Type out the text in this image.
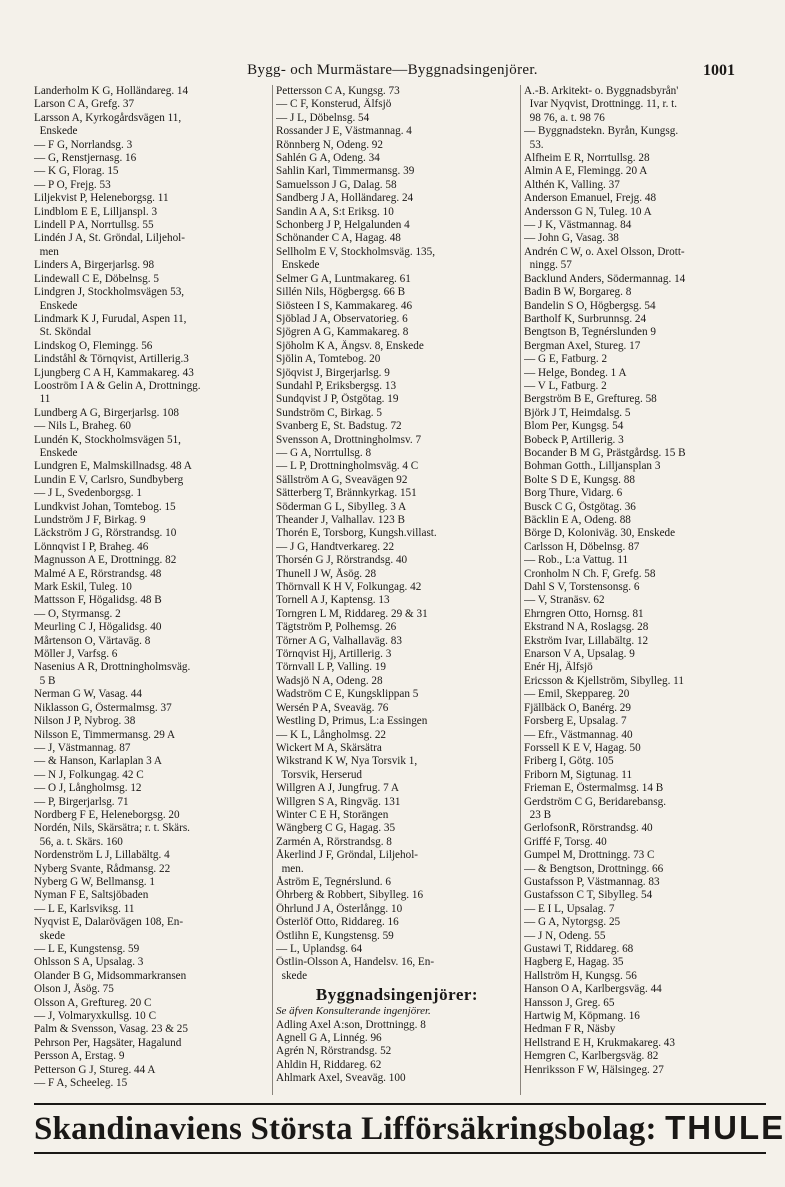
Bygg- och Murmästare—Byggnadsingenjörer.	1001
Landerholm K G, Holländareg. 14
Larson C A, Grefg. 37
Larsson A, Kyrkogårdsvägen 11,
Enskede
— F G, Norrlandsg. 3
— G, Renstjernasg. 16
— K G, Florag. 15
— P O, Frejg. 53
Liljekvist P, Heleneborgsg. 11
Lindblom E E, Lilljanspl. 3
Lindell P A, Norrtullsg. 55
Lindén J A, St. Gröndal, Liljehol-
men
Linders A, Birgerjarlsg. 98
Lindewall C E, Döbelnsg. 5
Lindgren J, Stockholmsvägen 53,
Enskede
Lindmark K J, Furudal, Aspen 11,
St. Sköndal
Lindskog O, Flemingg. 56
Lindståhl & Törnqvist, Artillerig.3
Ljungberg C A H, Kammakareg. 43
Looström I A & Gelin A, Drottningg.
11
Lundberg A G, Birgerjarlsg. 108
— Nils L, Braheg. 60
Lundén K, Stockholmsvägen 51,
Enskede
Lundgren E, Malmskillnadsg. 48 A
Lundin E V, Carlsro, Sundbyberg
— J L, Svedenborgsg. 1
Lundkvist Johan, Tomtebog. 15
Lundström J F, Birkag. 9
Läckström J G, Rörstrandsg. 10
Lönnqvist I P, Braheg. 46
Magnusson A E, Drottningg. 82
Malmé A E, Rörstrandsg. 48
Mark Eskil, Tuleg. 10
Mattsson F, Högalidsg. 48 B
— O, Styrmansg. 2
Meurling C J, Högalidsg. 40
Mårtenson O, Värtaväg. 8
Möller J, Varfsg. 6
Nasenius A R, Drottningholmsväg.
5 B
Nerman G W, Vasag. 44
Niklasson G, Östermalmsg. 37
Nilson J P, Nybrog. 38
Nilsson E, Timmermansg. 29 A
— J, Västmannag. 87
— & Hanson, Karlaplan 3 A
— N J, Folkungag. 42 C
— O J, Långholmsg. 12
— P, Birgerjarlsg. 71
Nordberg F E, Heleneborgsg. 20
Nordén, Nils, Skärsätra; r. t. Skärs.
56, a. t. Skärs. 160
Nordenström L J, Lillabältg. 4
Nyberg Svante, Rådmansg. 22
Nyberg G W, Bellmansg. 1
Nyman F E, Saltsjöbaden
— L E, Karlsviksg. 11
Nyqvist E, Dalarövägen 108, En-
skede
— L E, Kungstensg. 59
Ohlsson S A, Upsalag. 3
Olander B G, Midsommarkransen
Olson J, Åsög. 75
Olsson A, Greftureg. 20 C
— J, Volmaryxkullsg. 10 C
Palm & Svensson, Vasag. 23 & 25
Pehrson Per, Hagsäter, Hagalund
Persson A, Erstag. 9
Petterson G J, Stureg. 44 A
— F A, Scheeleg. 15
Pettersson C A, Kungsg. 73
— C F, Konsterud, Älfsjö
— J L, Döbelnsg. 54
Rossander J E, Västmannag. 4
Rönnberg N, Odeng. 92
Sahlén G A, Odeng. 34
Sahlin Karl, Timmermansg. 39
Samuelsson J G, Dalag. 58
Sandberg J A, Holländareg. 24
Sandin A A, S:t Eriksg. 10
Schonberg J P, Helgalunden 4
Schönander C A, Hagag. 48
Sellholm E V, Stockholmsväg. 135,
Enskede
Selmer G A, Luntmakareg. 61
Sillén Nils, Högbergsg. 66 B
Siösteen I S, Kammakareg. 46
Sjöblad J A, Observatorieg. 6
Sjögren A G, Kammakareg. 8
Sjöholm K A, Ängsv. 8, Enskede
Sjölin A, Tomtebog. 20
Sjöqvist J, Birgerjarlsg. 9
Sundahl P, Eriksbergsg. 13
Sundqvist J P, Östgötag. 19
Sundström C, Birkag. 5
Svanberg E, St. Badstug. 72
Svensson A, Drottningholmsv. 7
— G A, Norrtullsg. 8
— L P, Drottningholmsväg. 4 C
Sällström A G, Sveavägen 92
Sätterberg T, Brännkyrkag. 151
Söderman G L, Sibylleg. 3 A
Theander J, Valhallav. 123 B
Thorén E, Torsborg, Kungsh.villast.
— J G, Handtverkareg. 22
Thorsén G J, Rörstrandsg. 40
Thunell J W, Åsög. 28
Thörnvall K H V, Folkungag. 42
Tornell A J, Kaptensg. 13
Torngren L M, Riddareg. 29 & 31
Tägtström P, Polhemsg. 26
Törner A G, Valhallaväg. 83
Törnqvist Hj, Artillerig. 3
Törnvall L P, Valling. 19
Wadsjö N A, Odeng. 28
Wadström C E, Kungsklippan 5
Wersén P A, Sveaväg. 76
Westling D, Primus, L:a Essingen
— K L, Långholmsg. 22
Wickert M A, Skärsätra
Wikstrand K W, Nya Torsvik 1,
Torsvik, Herserud
Willgren A J, Jungfrug. 7 A
Willgren S A, Ringväg. 131
Winter C E H, Storängen
Wängberg C G, Hagag. 35
Zarmén A, Rörstrandsg. 8
Åkerlind J F, Gröndal, Liljehol-
men.
Åström E, Tegnérslund. 6
Öhrberg & Robbert, Sibylleg. 16
Öhrlund J A, Österlångg. 10
Österlöf Otto, Riddareg. 16
Östlihn E, Kungstensg. 59
— L, Uplandsg. 64
Östlin-Olsson A, Handelsv. 16, En-
skede
Byggnadsingenjörer:
Se äfven Konsulterande ingenjörer.
Adling Axel A:son, Drottningg. 8
Agnell G A, Linnég. 96
Agrén N, Rörstrandsg. 52
Ahldin H, Riddareg. 62
Ahlmark Axel, Sveaväg. 100
A.-B. Arkitekt- o. Byggnadsbyrån'
Ivar Nyqvist, Drottningg. 11, r. t.
98 76, a. t. 98 76
— Byggnadstekn. Byrån, Kungsg.
53.
Alfheim E R, Norrtullsg. 28
Almin A E, Flemingg. 20 A
Althén K, Valling. 37
Anderson Emanuel, Frejg. 48
Andersson G N, Tuleg. 10 A
— J K, Västmannag. 84
— John G, Vasag. 38
Andrén C W, o. Axel Olsson, Drott-
ningg. 57
Backlund Anders, Södermannag. 14
Badin B W, Borgareg. 8
Bandelin S O, Högbergsg. 54
Bartholf K, Surbrunnsg. 24
Bengtson B, Tegnérslunden 9
Bergman Axel, Stureg. 17
— G E, Fatburg. 2
— Helge, Bondeg. 1 A
— V L, Fatburg. 2
Bergström B E, Greftureg. 58
Björk J T, Heimdalsg. 5
Blom Per, Kungsg. 54
Bobeck P, Artillerig. 3
Bocander B M G, Prästgårdsg. 15 B
Bohman Gotth., Lilljansplan 3
Bolte S D E, Kungsg. 88
Borg Thure, Vidarg. 6
Busck C G, Östgötag. 36
Bäcklin E A, Odeng. 88
Börge D, Koloniväg. 30, Enskede
Carlsson H, Döbelnsg. 87
— Rob., L:a Vattug. 11
Cronholm N Ch. F, Grefg. 58
Dahl S V, Torstensonsg. 6
— V, Stranäsv. 62
Ehrngren Otto, Hornsg. 81
Ekstrand N A, Roslagsg. 28
Ekström Ivar, Lillabältg. 12
Enarson V A, Upsalag. 9
Enér Hj, Älfsjö
Ericsson & Kjellström, Sibylleg. 11
— Emil, Skeppareg. 20
Fjällbäck O, Banérg. 29
Forsberg E, Upsalag. 7
— Efr., Västmannag. 40
Forssell K E V, Hagag. 50
Friberg I, Götg. 105
Friborn M, Sigtunag. 11
Frieman E, Östermalmsg. 14 B
Gerdström C G, Beridarebansg.
23 B
GerlofsonR, Rörstrandsg. 40
Griffé F, Torsg. 40
Gumpel M, Drottningg. 73 C
— & Bengtson, Drottningg. 66
Gustafsson P, Västmannag. 83
Gustafsson C T, Sibylleg. 54
— E I L, Upsalag. 7
— G A, Nytorgsg. 25
— J N, Odeng. 55
Gustawi T, Riddareg. 68
Hagberg E, Hagag. 35
Hallström H, Kungsg. 56
Hanson O A, Karlbergsväg. 44
Hansson J, Greg. 65
Hartwig M, Köpmang. 16
Hedman F R, Näsby
Hellstrand E H, Krukmakareg. 43
Hemgren C, Karlbergsväg. 82
Henriksson F W, Hälsingeg. 27
Skandinaviens Största Lifförsäkringsbolag: THULE
